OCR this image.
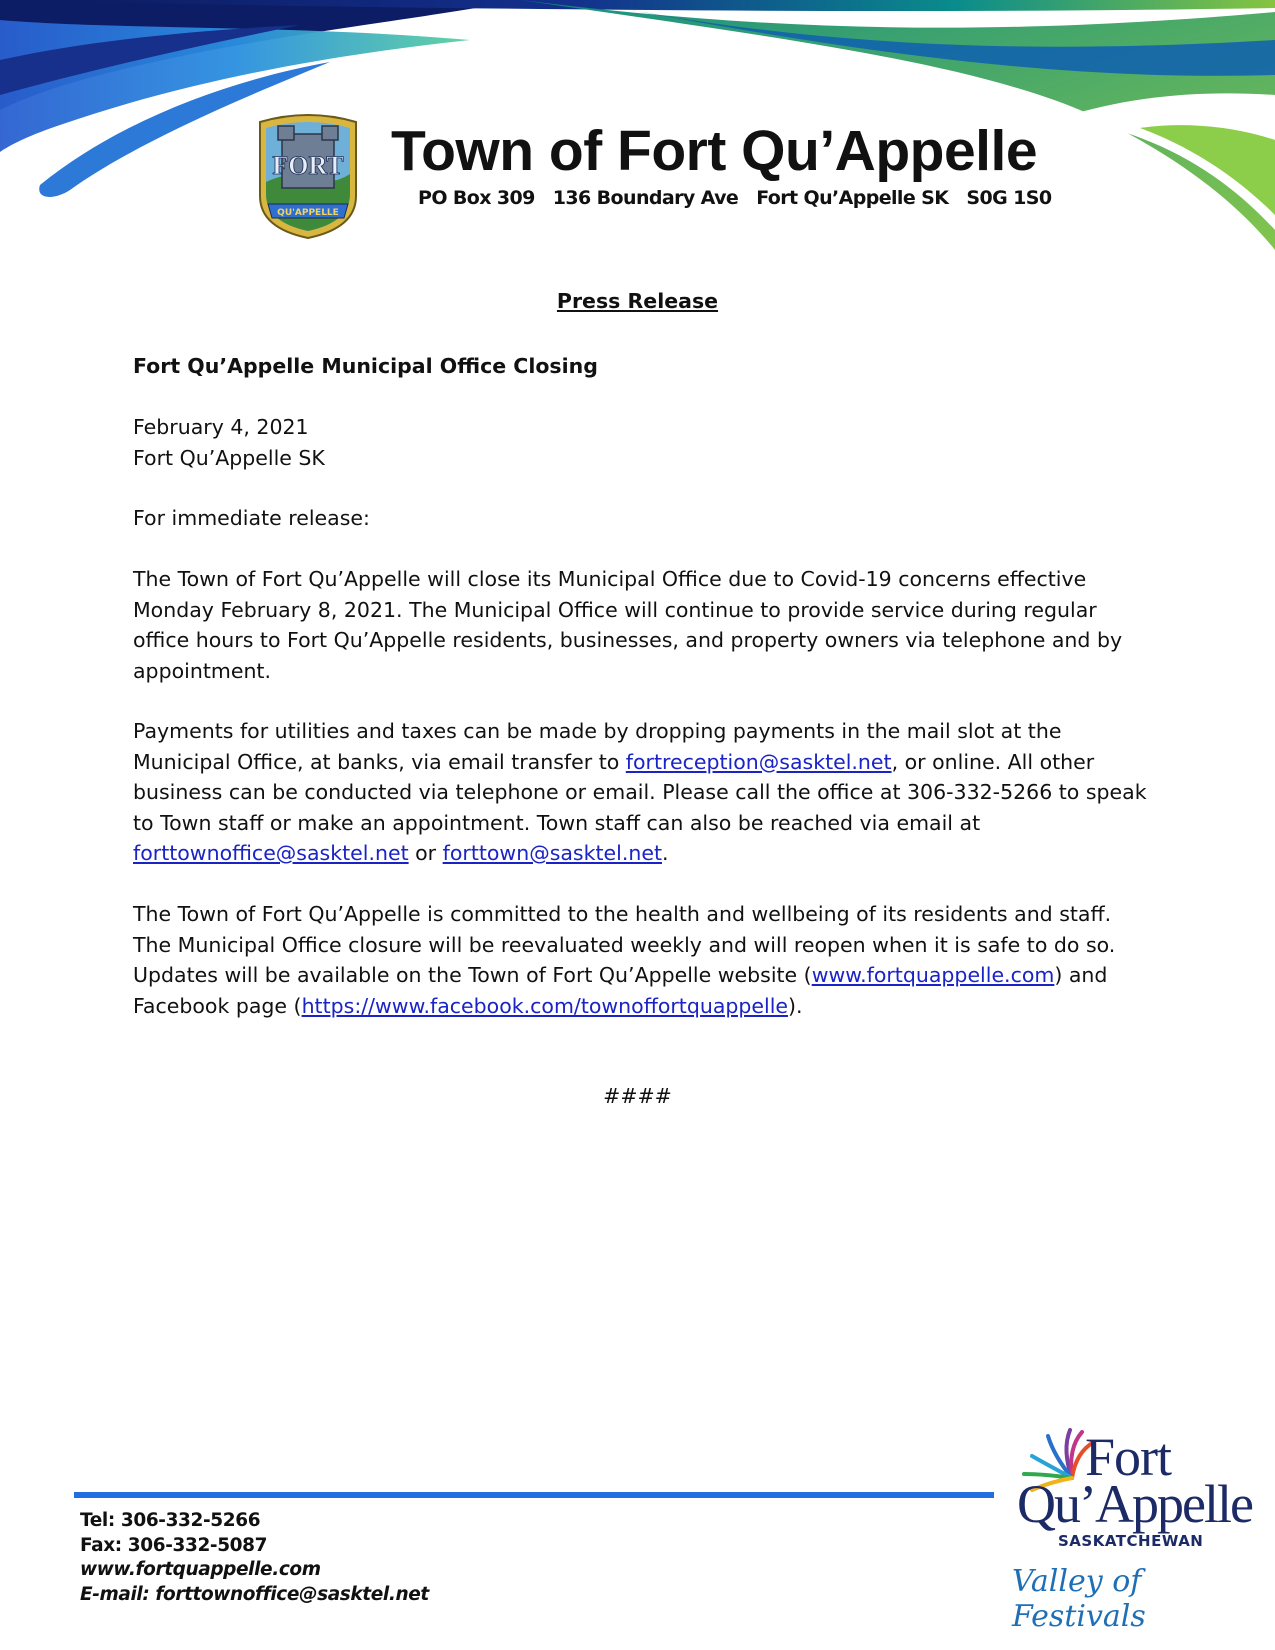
FORT
QU'APPELLE
Town of Fort Qu’Appelle
PO Box 309   136 Boundary Ave   Fort Qu’Appelle SK   S0G 1S0
Press Release
Fort Qu’Appelle Municipal Office Closing
February 4, 2021
Fort Qu’Appelle SK
For immediate release:

The Town of Fort Qu’Appelle will close its Municipal Office due to Covid-19 concerns effective Monday February 8, 2021. The Municipal Office will continue to provide service during regular office hours to Fort Qu’Appelle residents, businesses, and property owners via telephone and by appointment.

Payments for utilities and taxes can be made by dropping payments in the mail slot at the Municipal Office, at banks, via email transfer to fortreception@sasktel.net, or online. All other business can be conducted via telephone or email. Please call the office at 306-332-5266 to speak to Town staff or make an appointment. Town staff can also be reached via email at forttownoffice@sasktel.net or forttown@sasktel.net.

The Town of Fort Qu’Appelle is committed to the health and wellbeing of its residents and staff. The Municipal Office closure will be reevaluated weekly and will reopen when it is safe to do so. Updates will be available on the Town of Fort Qu’Appelle website (www.fortquappelle.com) and Facebook page (https://www.facebook.com/townoffortquappelle).

####
Tel: 306-332-5266
Fax: 306-332-5087
www.fortquappelle.com
E-mail: forttownoffice@sasktel.net
Fort
Qu’Appelle
SASKATCHEWAN
Valley of Festivals
